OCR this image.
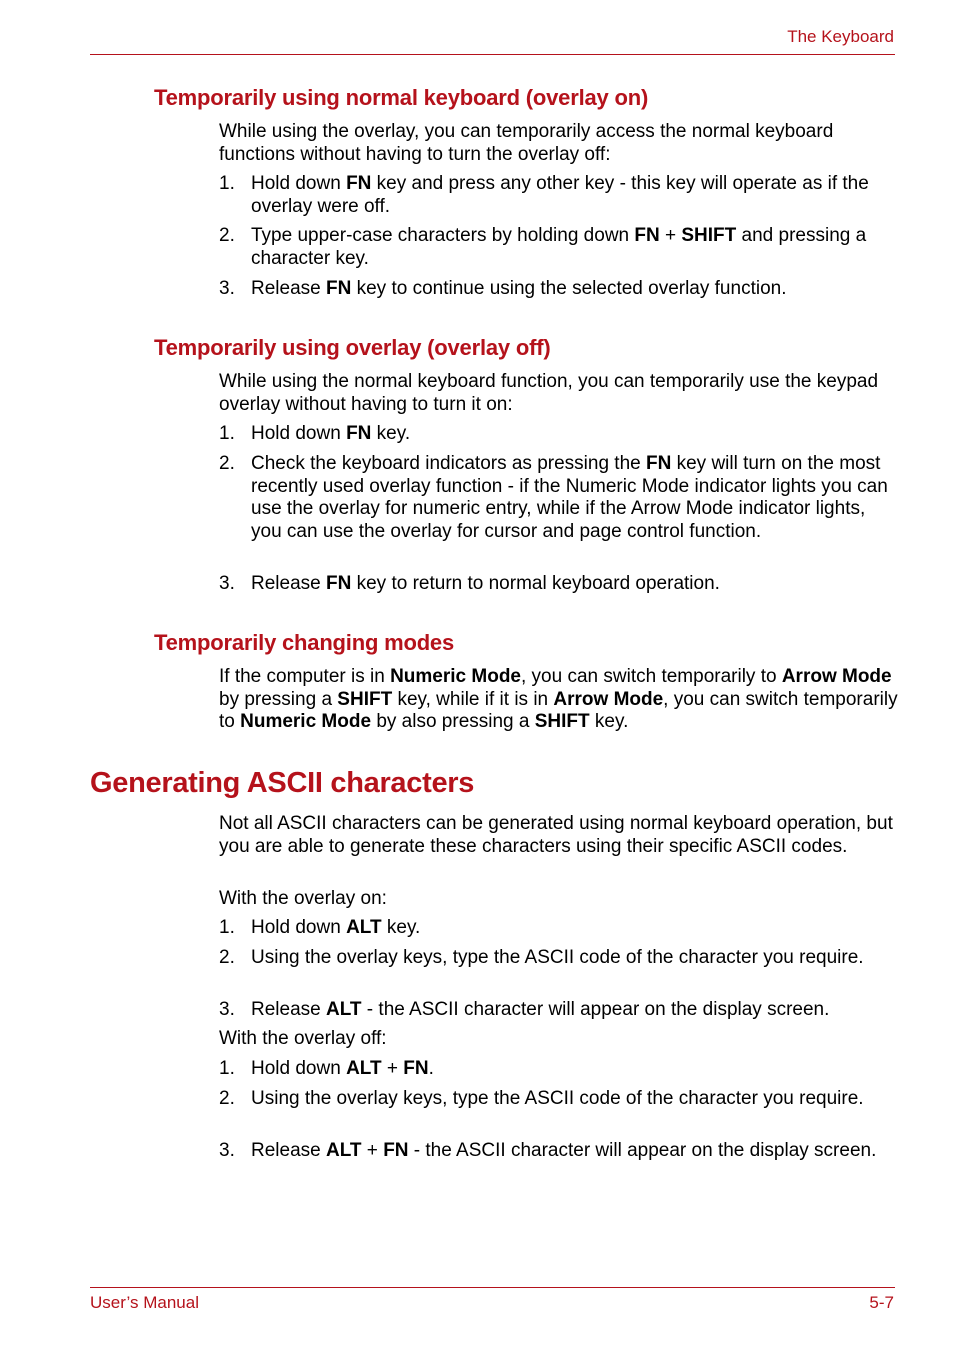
The Keyboard
Temporarily using normal keyboard (overlay on)

While using the overlay, you can temporarily access the normal keyboard functions without having to turn the overlay off:

1. Hold down FN key and press any other key - this key will operate as if the overlay were off.
2. Type upper-case characters by holding down FN + SHIFT and pressing a character key.
3. Release FN key to continue using the selected overlay function.
Temporarily using overlay (overlay off)

While using the normal keyboard function, you can temporarily use the keypad overlay without having to turn it on:

1. Hold down FN key.
2. Check the keyboard indicators as pressing the FN key will turn on the most recently used overlay function - if the Numeric Mode indicator lights you can use the overlay for numeric entry, while if the Arrow Mode indicator lights, you can use the overlay for cursor and page control function.
3. Release FN key to return to normal keyboard operation.
Temporarily changing modes

If the computer is in Numeric Mode, you can switch temporarily to Arrow Mode by pressing a SHIFT key, while if it is in Arrow Mode, you can switch temporarily to Numeric Mode by also pressing a SHIFT key.

Generating ASCII characters

Not all ASCII characters can be generated using normal keyboard operation, but you are able to generate these characters using their specific ASCII codes.

With the overlay on:

1. Hold down ALT key.
2. Using the overlay keys, type the ASCII code of the character you require.
3. Release ALT - the ASCII character will appear on the display screen.

With the overlay off:

1. Hold down ALT + FN.
2. Using the overlay keys, type the ASCII code of the character you require.
3. Release ALT + FN - the ASCII character will appear on the display screen.
User’s Manual	5-7
